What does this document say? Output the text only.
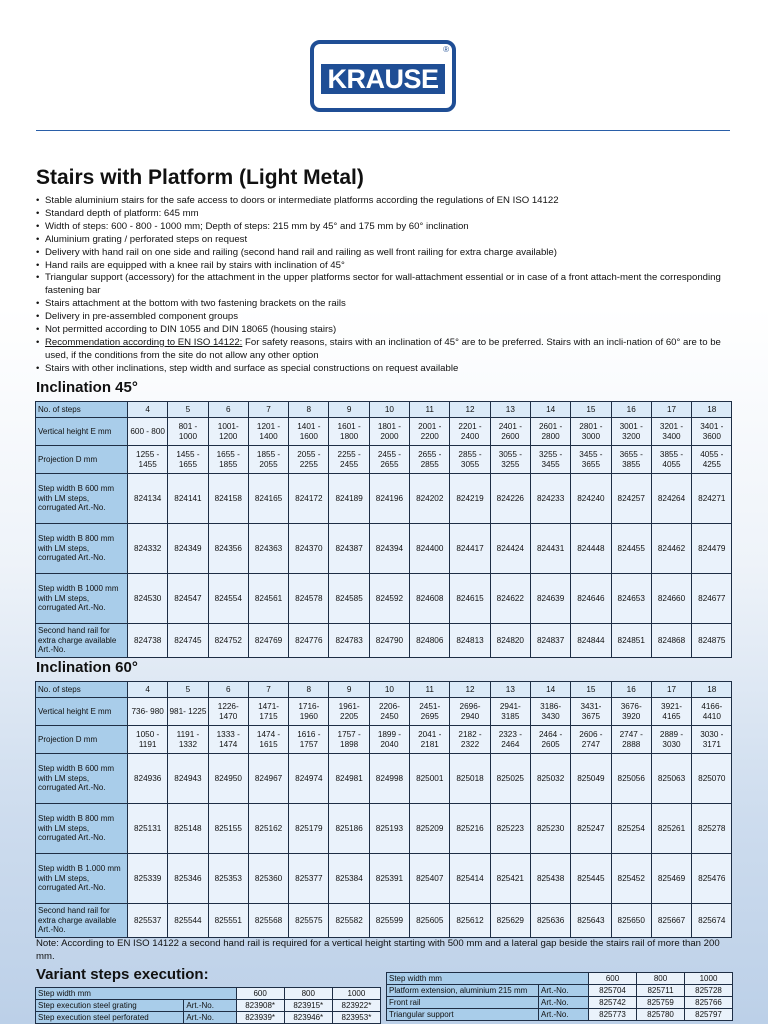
®
KRAUSE
Stairs with Platform (Light Metal)
• Stable aluminium stairs for the safe access to doors or intermediate platforms according the regulations of EN ISO 14122
• Standard depth of platform: 645 mm
• Width of steps: 600 - 800 - 1000 mm; Depth of steps: 215 mm by 45° and 175 mm by 60° inclination
• Aluminium grating / perforated steps on request
• Delivery with hand rail on one side and railing (second hand rail and railing as well front railing for extra charge available)
• Hand rails are equipped with a knee rail by stairs with inclination of 45°
• Triangular support (accessory) for the attachment in the upper platforms sector for wall-attachment essential or in case of a front attach-ment the corresponding fastening bar
• Stairs attachment at the bottom with two fastening brackets on the rails
• Delivery in pre-assembled component groups
• Not permitted according to DIN 1055 and DIN 18065 (housing stairs)
• Recommendation according to EN ISO 14122: For safety reasons, stairs with an inclination of 45° are to be preferred. Stairs with an incli-nation of 60° are to be used, if the conditions from the site do not allow any other option
• Stairs with other inclinations, step width and surface as special constructions on request available
Inclination 45°
No. of steps	4	5	6	7	8	9	10	11	12	13	14	15	16	17	18
Vertical height E mm	600 - 800	801 - 1000	1001- 1200	1201 - 1400	1401 - 1600	1601 - 1800	1801 - 2000	2001 - 2200	2201 - 2400	2401 - 2600	2601 - 2800	2801 - 3000	3001 - 3200	3201 - 3400	3401 - 3600
Projection D mm	1255 - 1455	1455 - 1655	1655 - 1855	1855 - 2055	2055 - 2255	2255 - 2455	2455 - 2655	2655 - 2855	2855 - 3055	3055 - 3255	3255 - 3455	3455 - 3655	3655 - 3855	3855 - 4055	4055 - 4255
Step width B 600 mm with LM steps, corrugated Art.-No.	824134	824141	824158	824165	824172	824189	824196	824202	824219	824226	824233	824240	824257	824264	824271
Step width B 800 mm with LM steps, corrugated Art.-No.	824332	824349	824356	824363	824370	824387	824394	824400	824417	824424	824431	824448	824455	824462	824479
Step width B 1000 mm with LM steps, corrugated Art.-No.	824530	824547	824554	824561	824578	824585	824592	824608	824615	824622	824639	824646	824653	824660	824677
Second hand rail for extra charge available Art.-No.	824738	824745	824752	824769	824776	824783	824790	824806	824813	824820	824837	824844	824851	824868	824875
Inclination 60°
No. of steps	4	5	6	7	8	9	10	11	12	13	14	15	16	17	18
Vertical height E mm	736- 980	981- 1225	1226- 1470	1471- 1715	1716- 1960	1961- 2205	2206- 2450	2451- 2695	2696- 2940	2941- 3185	3186- 3430	3431- 3675	3676- 3920	3921- 4165	4166- 4410
Projection D mm	1050 - 1191	1191 - 1332	1333 - 1474	1474 - 1615	1616 - 1757	1757 - 1898	1899 - 2040	2041 - 2181	2182 - 2322	2323 - 2464	2464 - 2605	2606 - 2747	2747 - 2888	2889 - 3030	3030 - 3171
Step width B 600 mm with LM steps, corrugated Art.-No.	824936	824943	824950	824967	824974	824981	824998	825001	825018	825025	825032	825049	825056	825063	825070
Step width B 800 mm with LM steps, corrugated Art.-No.	825131	825148	825155	825162	825179	825186	825193	825209	825216	825223	825230	825247	825254	825261	825278
Step width B 1.000 mm with LM steps, corrugated Art.-No.	825339	825346	825353	825360	825377	825384	825391	825407	825414	825421	825438	825445	825452	825469	825476
Second hand rail for extra charge available Art.-No.	825537	825544	825551	825568	825575	825582	825599	825605	825612	825629	825636	825643	825650	825667	825674
Note: According to EN ISO 14122 a second hand rail is required for a vertical height starting with 500 mm and a lateral gap beside the stairs rail of more than 200 mm.
Variant steps execution:
Step width mm		600	800	1000
Step execution steel grating	Art.-No.	823908*	823915*	823922*
Step execution steel perforated	Art.-No.	823939*	823946*	823953*
Step width mm		600	800	1000
Platform extension, aluminium 215 mm	Art.-No.	825704	825711	825728
Front rail	Art.-No.	825742	825759	825766
Triangular support	Art.-No.	825773	825780	825797
